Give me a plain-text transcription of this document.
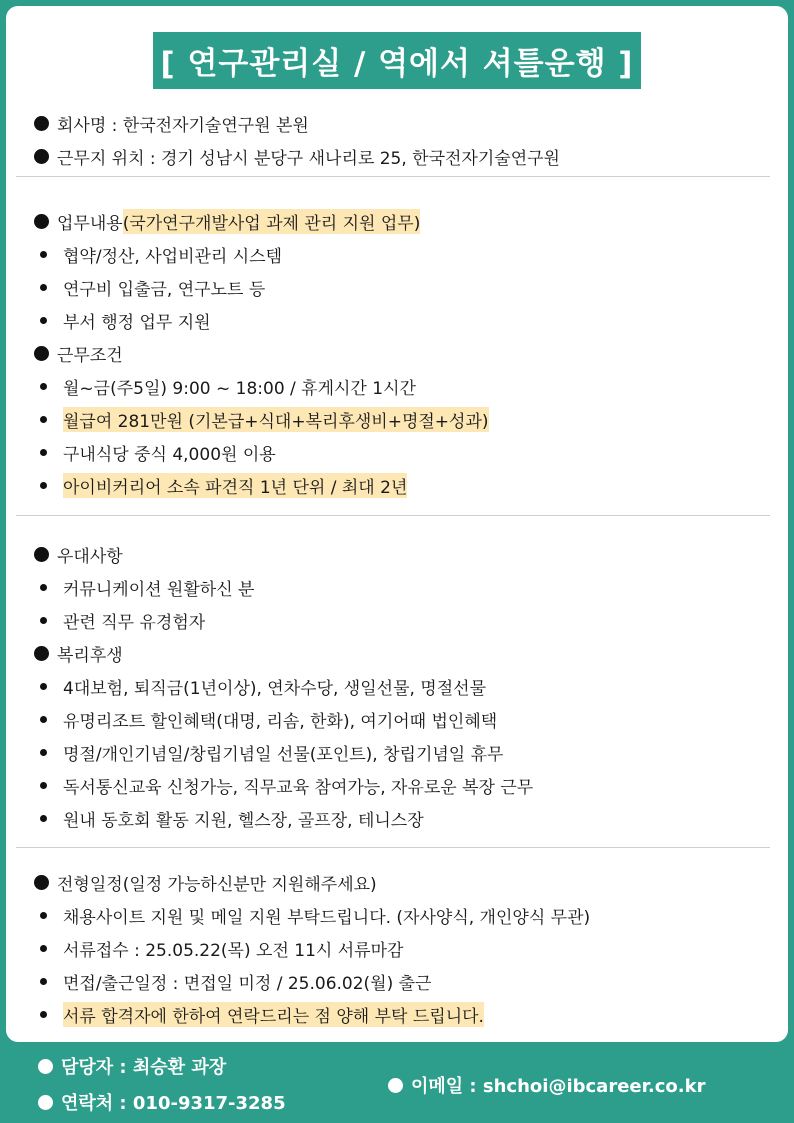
[ 연구관리실 / 역에서 셔틀운행 ]
회사명 : 한국전자기술연구원 본원
근무지 위치 : 경기 성남시 분당구 새나리로 25, 한국전자기술연구원
업무내용 (국가연구개발사업 과제 관리 지원 업무)
협약/정산, 사업비관리 시스템
연구비 입출금, 연구노트 등
부서 행정 업무 지원
근무조건
월~금(주5일) 9:00 ~ 18:00 / 휴게시간 1시간
월급여 281만원 (기본급+식대+복리후생비+명절+성과)
구내식당 중식 4,000원 이용
아이비커리어 소속 파견직 1년 단위 / 최대 2년
우대사항
커뮤니케이션 원활하신 분
관련 직무 유경험자
복리후생
4대보험, 퇴직금(1년이상), 연차수당, 생일선물, 명절선물
유명리조트 할인혜택(대명, 리솜, 한화), 여기어때 법인혜택
명절/개인기념일/창립기념일 선물(포인트), 창립기념일 휴무
독서통신교육 신청가능, 직무교육 참여가능, 자유로운 복장 근무
원내 동호회 활동 지원, 헬스장, 골프장, 테니스장
전형일정(일정 가능하신분만 지원해주세요)
채용사이트 지원 및 메일 지원 부탁드립니다. (자사양식, 개인양식 무관)
서류접수 : 25.05.22(목) 오전 11시 서류마감
면접/출근일정 : 면접일 미정 / 25.06.02(월) 출근
서류 합격자에 한하여 연락드리는 점 양해 부탁 드립니다.
담당자 : 최승환 과장
연락처 : 010-9317-3285
이메일 : shchoi@ibcareer.co.kr
